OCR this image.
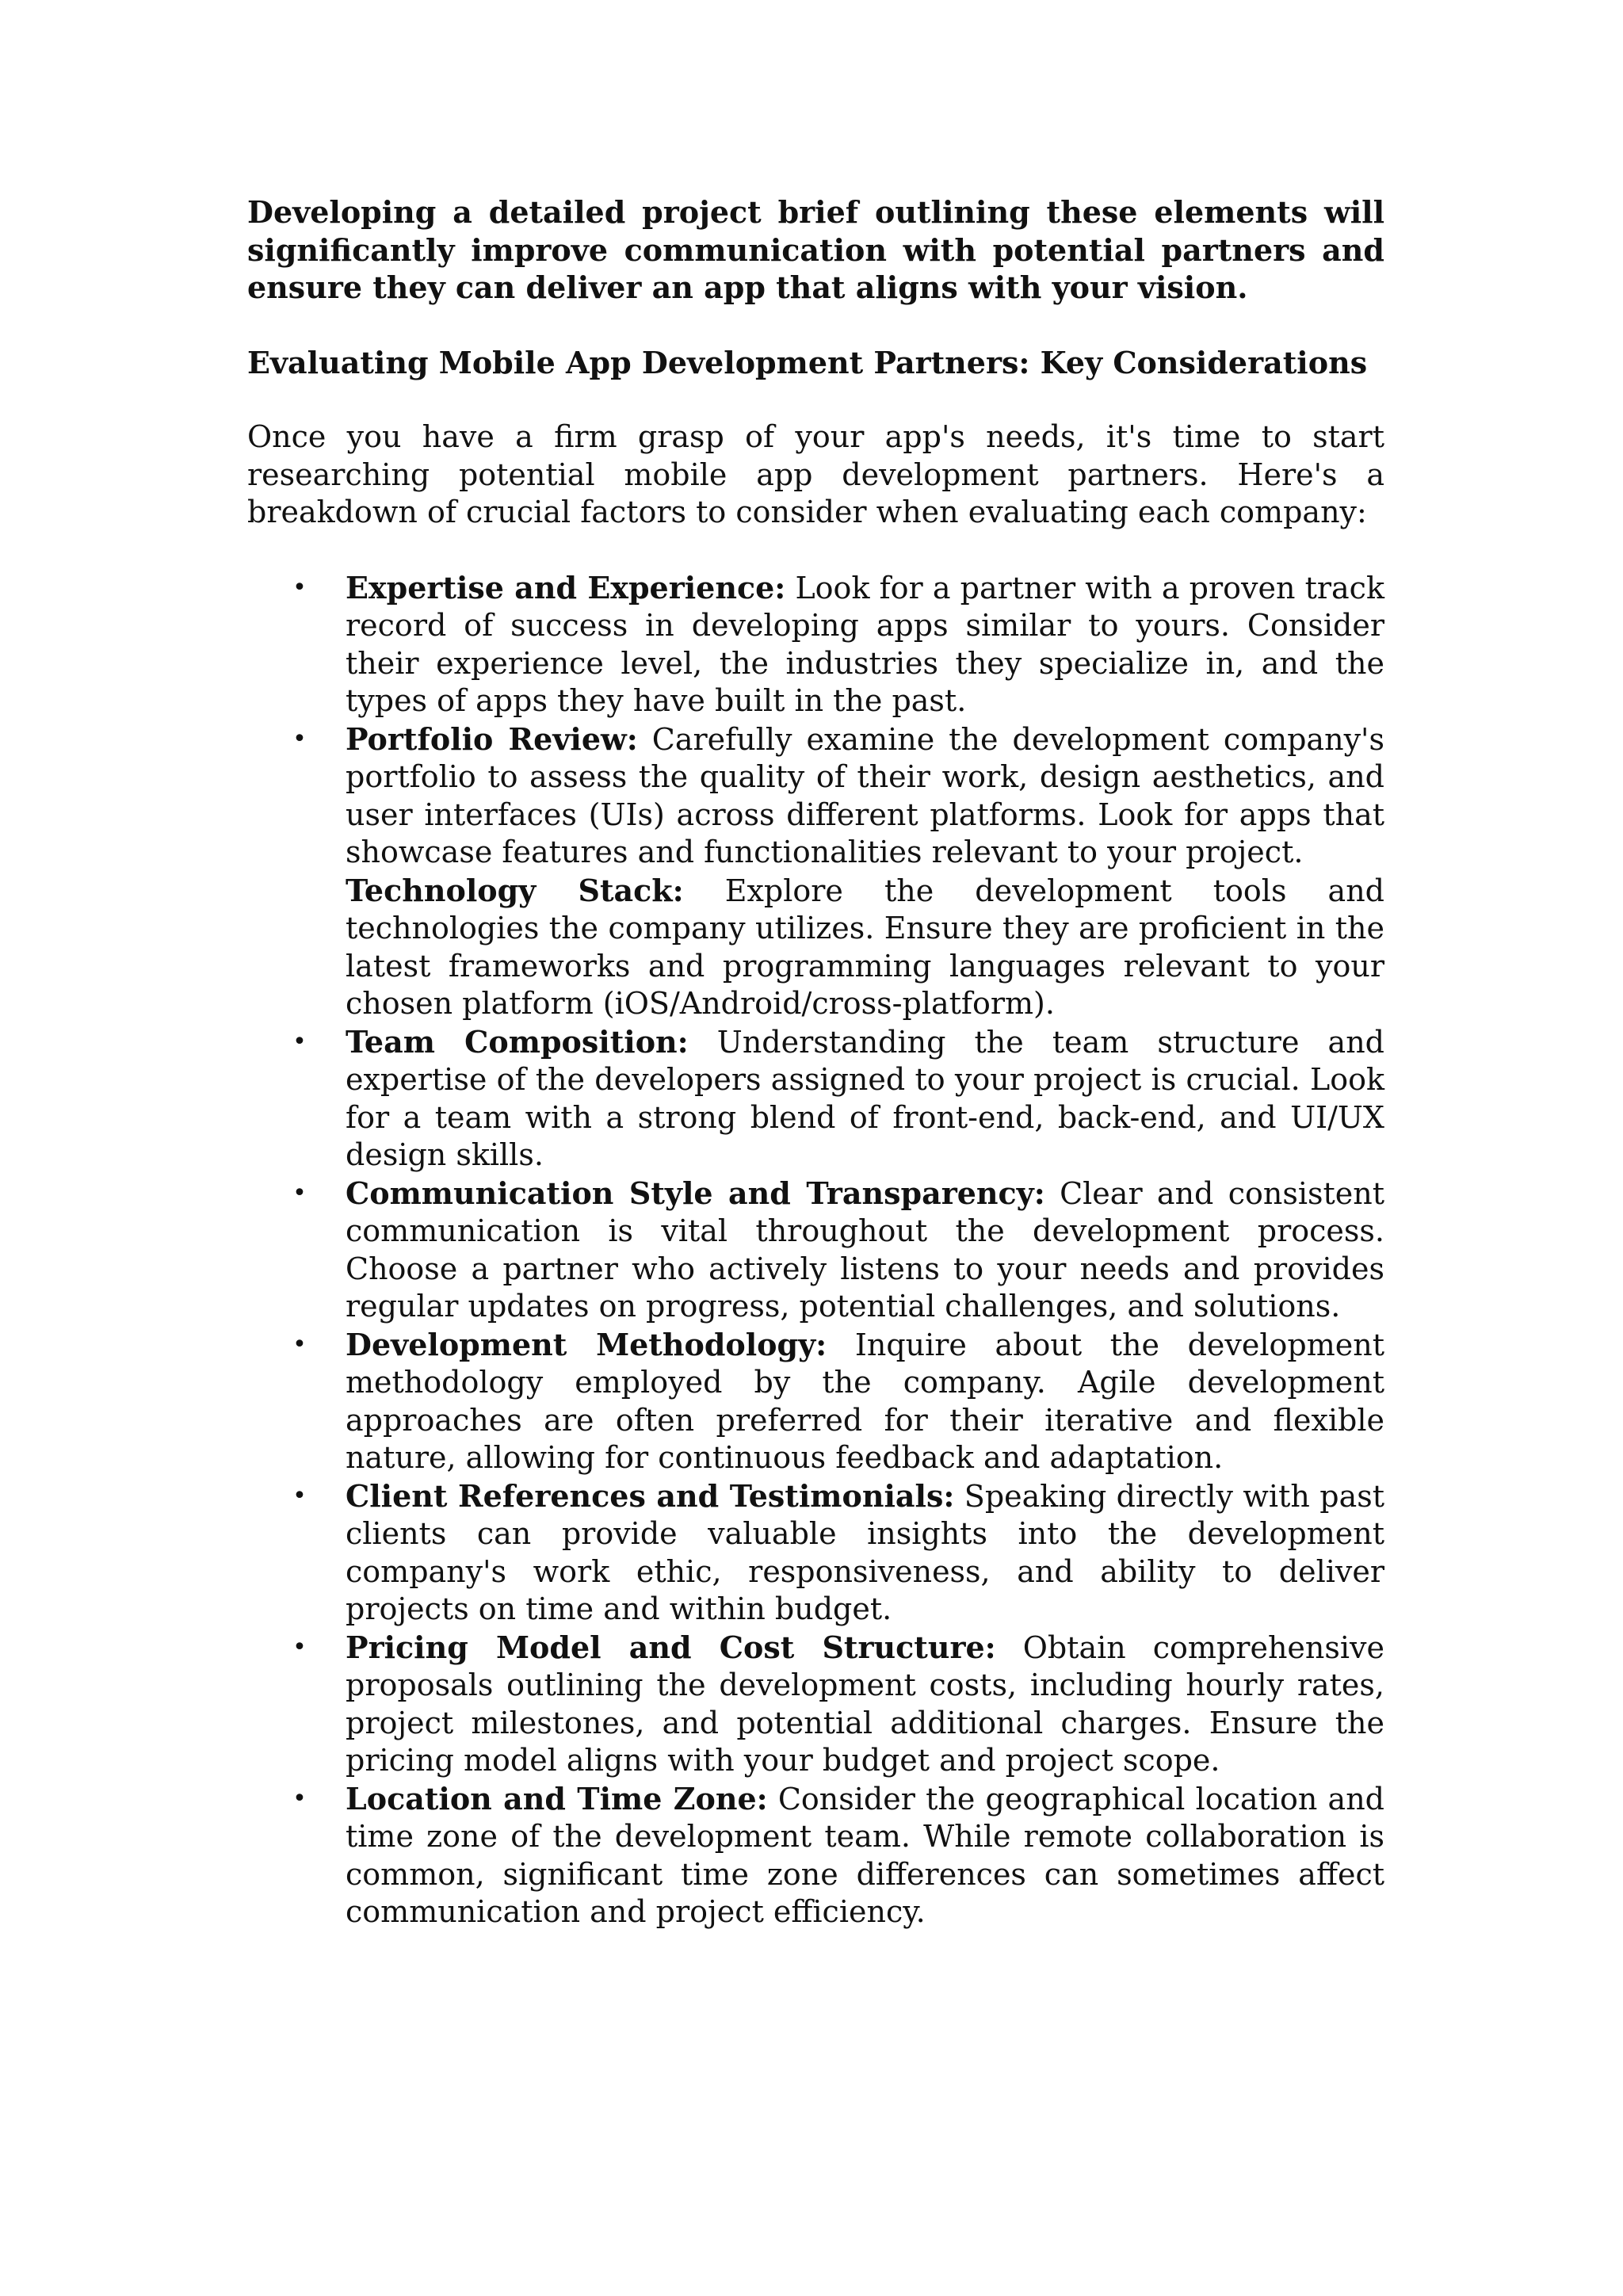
Developing a detailed project brief outlining these elements will significantly improve communication with potential partners and ensure they can deliver an app that aligns with your vision.

Evaluating Mobile App Development Partners: Key Considerations

Once you have a firm grasp of your app's needs, it's time to start researching potential mobile app development partners. Here's a breakdown of crucial factors to consider when evaluating each company:

• Expertise and Experience: Look for a partner with a proven track record of success in developing apps similar to yours. Consider their experience level, the industries they specialize in, and the types of apps they have built in the past.
• Portfolio Review: Carefully examine the development company's portfolio to assess the quality of their work, design aesthetics, and user interfaces (UIs) across different platforms. Look for apps that showcase features and functionalities relevant to your project.
Technology Stack: Explore the development tools and technologies the company utilizes. Ensure they are proficient in the latest frameworks and programming languages relevant to your chosen platform (iOS/Android/cross-platform).
• Team Composition: Understanding the team structure and expertise of the developers assigned to your project is crucial. Look for a team with a strong blend of front-end, back-end, and UI/UX design skills.
• Communication Style and Transparency: Clear and consistent communication is vital throughout the development process. Choose a partner who actively listens to your needs and provides regular updates on progress, potential challenges, and solutions.
• Development Methodology: Inquire about the development methodology employed by the company. Agile development approaches are often preferred for their iterative and flexible nature, allowing for continuous feedback and adaptation.
• Client References and Testimonials: Speaking directly with past clients can provide valuable insights into the development company's work ethic, responsiveness, and ability to deliver projects on time and within budget.
• Pricing Model and Cost Structure: Obtain comprehensive proposals outlining the development costs, including hourly rates, project milestones, and potential additional charges. Ensure the pricing model aligns with your budget and project scope.
• Location and Time Zone: Consider the geographical location and time zone of the development team. While remote collaboration is common, significant time zone differences can sometimes affect communication and project efficiency.
